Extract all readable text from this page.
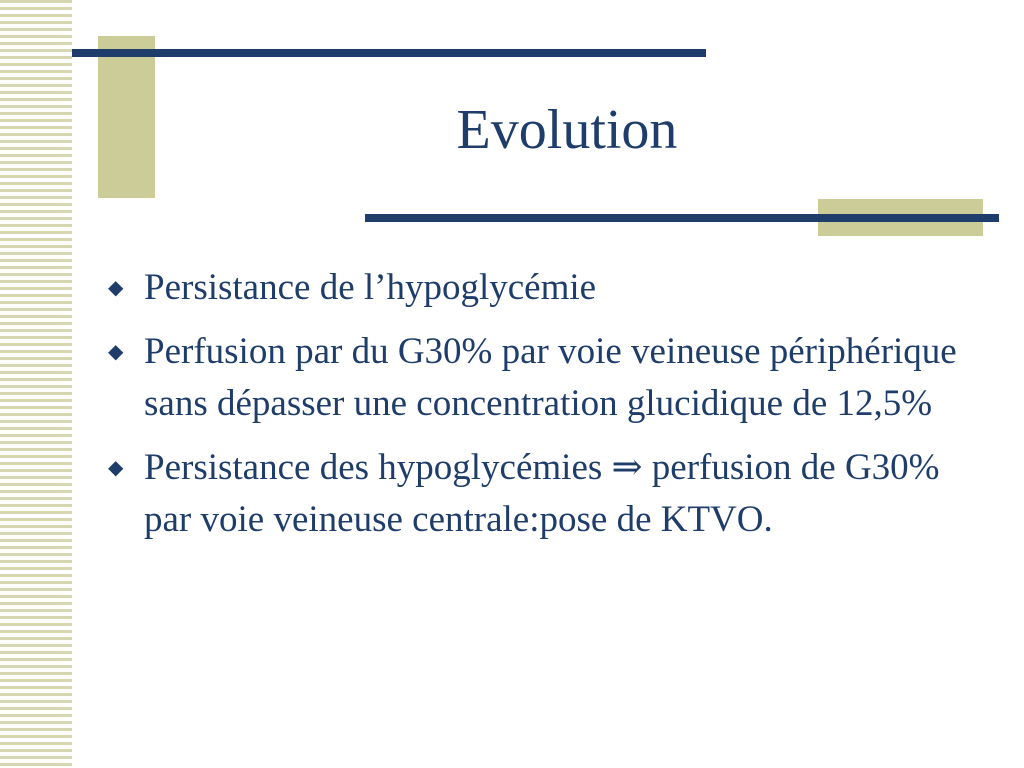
Evolution
◆ Persistance de l’hypoglycémie
◆ Perfusion par du G30% par voie veineuse périphérique sans dépasser une concentration glucidique de 12,5%
◆ Persistance des hypoglycémies ⇒ perfusion de G30% par voie veineuse centrale:pose de KTVO.
